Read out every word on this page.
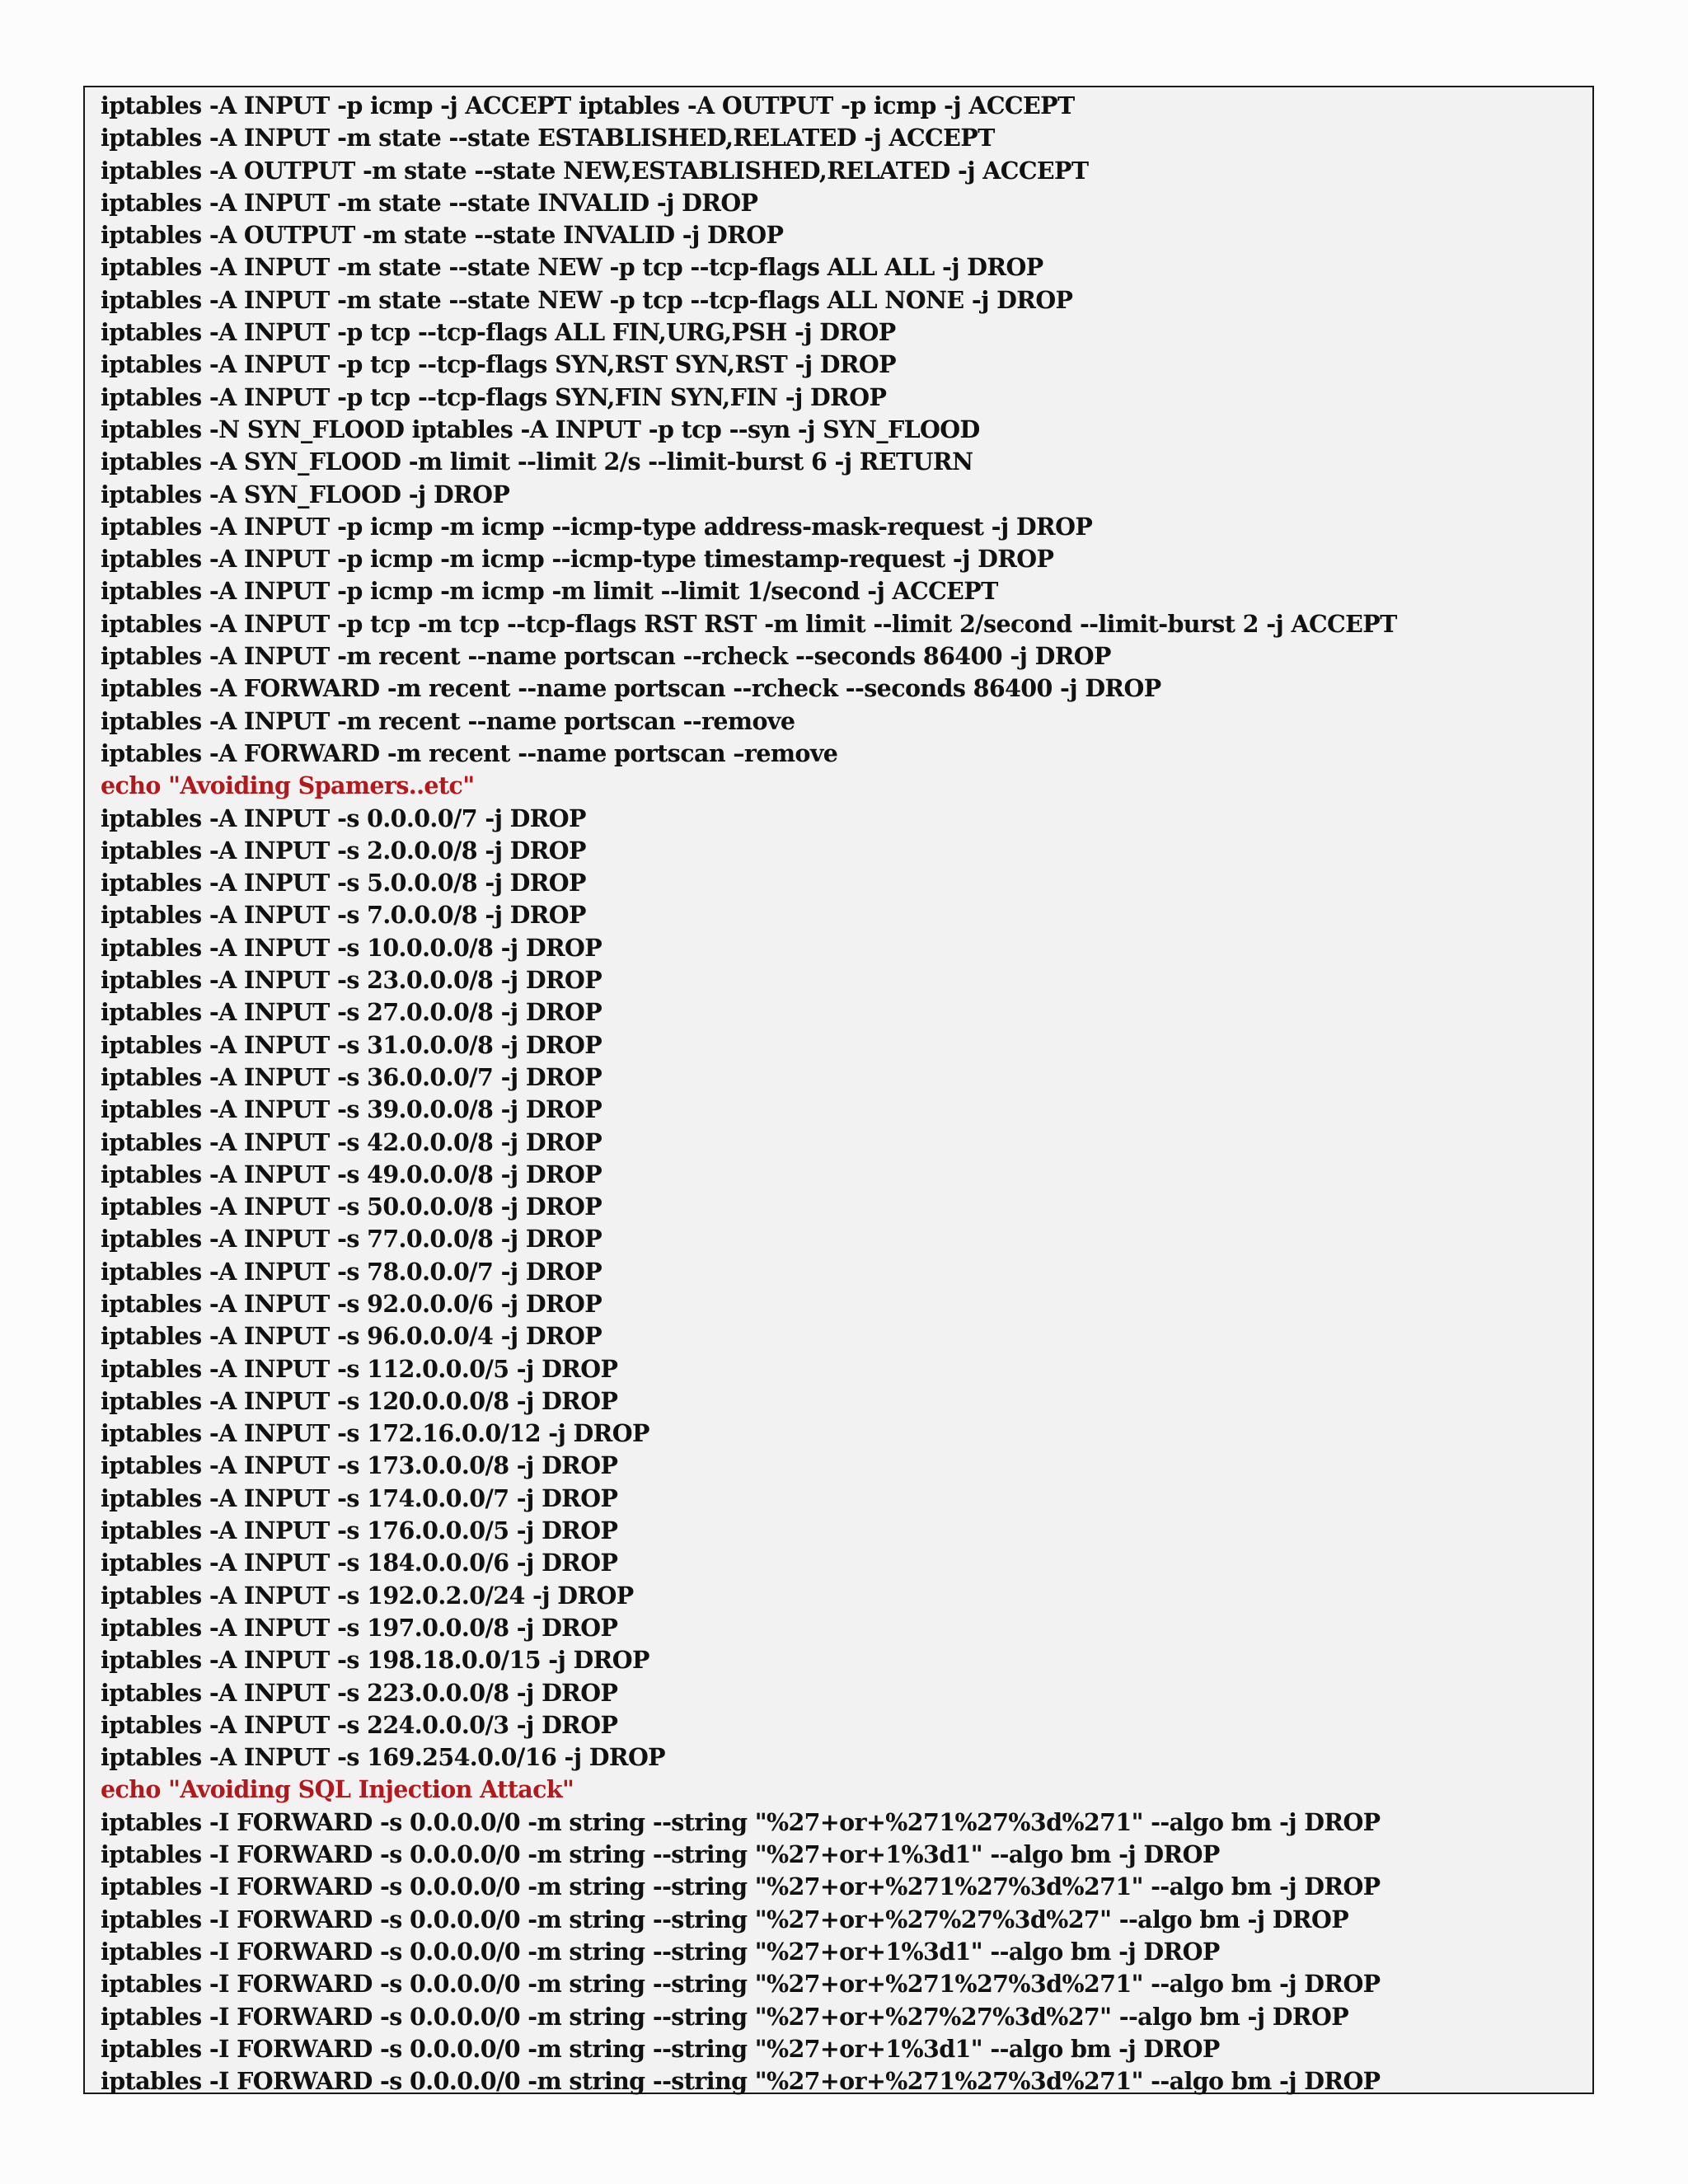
iptables -A INPUT -p icmp -j ACCEPT iptables -A OUTPUT -p icmp -j ACCEPT
iptables -A INPUT -m state --state ESTABLISHED,RELATED -j ACCEPT
iptables -A OUTPUT -m state --state NEW,ESTABLISHED,RELATED -j ACCEPT
iptables -A INPUT -m state --state INVALID -j DROP
iptables -A OUTPUT -m state --state INVALID -j DROP
iptables -A INPUT -m state --state NEW -p tcp --tcp-flags ALL ALL -j DROP
iptables -A INPUT -m state --state NEW -p tcp --tcp-flags ALL NONE -j DROP
iptables -A INPUT -p tcp --tcp-flags ALL FIN,URG,PSH -j DROP
iptables -A INPUT -p tcp --tcp-flags SYN,RST SYN,RST -j DROP
iptables -A INPUT -p tcp --tcp-flags SYN,FIN SYN,FIN -j DROP
iptables -N SYN_FLOOD iptables -A INPUT -p tcp --syn -j SYN_FLOOD
iptables -A SYN_FLOOD -m limit --limit 2/s --limit-burst 6 -j RETURN
iptables -A SYN_FLOOD -j DROP
iptables -A INPUT -p icmp -m icmp --icmp-type address-mask-request -j DROP
iptables -A INPUT -p icmp -m icmp --icmp-type timestamp-request -j DROP
iptables -A INPUT -p icmp -m icmp -m limit --limit 1/second -j ACCEPT
iptables -A INPUT -p tcp -m tcp --tcp-flags RST RST -m limit --limit 2/second --limit-burst 2 -j ACCEPT
iptables -A INPUT -m recent --name portscan --rcheck --seconds 86400 -j DROP
iptables -A FORWARD -m recent --name portscan --rcheck --seconds 86400 -j DROP
iptables -A INPUT -m recent --name portscan --remove
iptables -A FORWARD -m recent --name portscan –remove
echo "Avoiding Spamers..etc"
iptables -A INPUT -s 0.0.0.0/7 -j DROP
iptables -A INPUT -s 2.0.0.0/8 -j DROP
iptables -A INPUT -s 5.0.0.0/8 -j DROP
iptables -A INPUT -s 7.0.0.0/8 -j DROP
iptables -A INPUT -s 10.0.0.0/8 -j DROP
iptables -A INPUT -s 23.0.0.0/8 -j DROP
iptables -A INPUT -s 27.0.0.0/8 -j DROP
iptables -A INPUT -s 31.0.0.0/8 -j DROP
iptables -A INPUT -s 36.0.0.0/7 -j DROP
iptables -A INPUT -s 39.0.0.0/8 -j DROP
iptables -A INPUT -s 42.0.0.0/8 -j DROP
iptables -A INPUT -s 49.0.0.0/8 -j DROP
iptables -A INPUT -s 50.0.0.0/8 -j DROP
iptables -A INPUT -s 77.0.0.0/8 -j DROP
iptables -A INPUT -s 78.0.0.0/7 -j DROP
iptables -A INPUT -s 92.0.0.0/6 -j DROP
iptables -A INPUT -s 96.0.0.0/4 -j DROP
iptables -A INPUT -s 112.0.0.0/5 -j DROP
iptables -A INPUT -s 120.0.0.0/8 -j DROP
iptables -A INPUT -s 172.16.0.0/12 -j DROP
iptables -A INPUT -s 173.0.0.0/8 -j DROP
iptables -A INPUT -s 174.0.0.0/7 -j DROP
iptables -A INPUT -s 176.0.0.0/5 -j DROP
iptables -A INPUT -s 184.0.0.0/6 -j DROP
iptables -A INPUT -s 192.0.2.0/24 -j DROP
iptables -A INPUT -s 197.0.0.0/8 -j DROP
iptables -A INPUT -s 198.18.0.0/15 -j DROP
iptables -A INPUT -s 223.0.0.0/8 -j DROP
iptables -A INPUT -s 224.0.0.0/3 -j DROP
iptables -A INPUT -s 169.254.0.0/16 -j DROP
echo "Avoiding SQL Injection Attack"
iptables -I FORWARD -s 0.0.0.0/0 -m string --string "%27+or+%271%27%3d%271" --algo bm -j DROP
iptables -I FORWARD -s 0.0.0.0/0 -m string --string "%27+or+1%3d1" --algo bm -j DROP
iptables -I FORWARD -s 0.0.0.0/0 -m string --string "%27+or+%271%27%3d%271" --algo bm -j DROP
iptables -I FORWARD -s 0.0.0.0/0 -m string --string "%27+or+%27%27%3d%27" --algo bm -j DROP
iptables -I FORWARD -s 0.0.0.0/0 -m string --string "%27+or+1%3d1" --algo bm -j DROP
iptables -I FORWARD -s 0.0.0.0/0 -m string --string "%27+or+%271%27%3d%271" --algo bm -j DROP
iptables -I FORWARD -s 0.0.0.0/0 -m string --string "%27+or+%27%27%3d%27" --algo bm -j DROP
iptables -I FORWARD -s 0.0.0.0/0 -m string --string "%27+or+1%3d1" --algo bm -j DROP
iptables -I FORWARD -s 0.0.0.0/0 -m string --string "%27+or+%271%27%3d%271" --algo bm -j DROP
